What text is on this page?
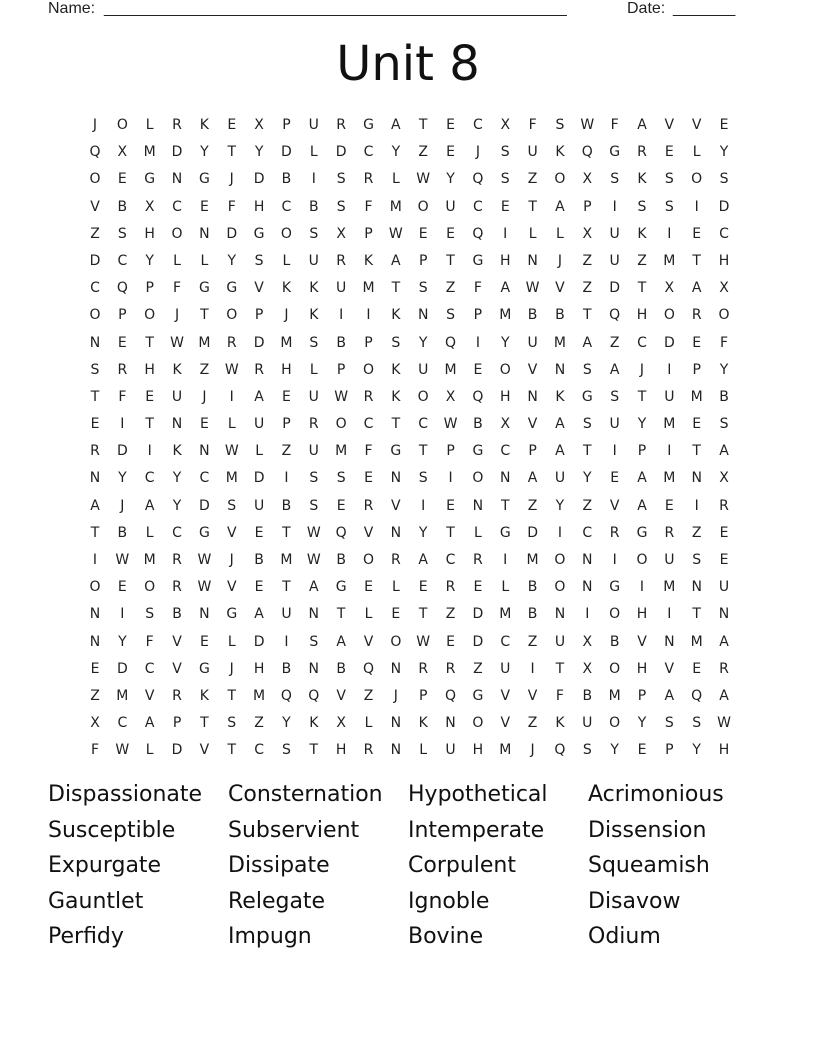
Name: ____________________________________________________	Date: _______
Unit 8
J	O	L	R	K	E	X	P	U	R	G	A	T	E	C	X	F	S	W	F	A	V	V	E
Q	X	M	D	Y	T	Y	D	L	D	C	Y	Z	E	J	S	U	K	Q	G	R	E	L	Y
O	E	G	N	G	J	D	B	I	S	R	L	W	Y	Q	S	Z	O	X	S	K	S	O	S
V	B	X	C	E	F	H	C	B	S	F	M	O	U	C	E	T	A	P	I	S	S	I	D
Z	S	H	O	N	D	G	O	S	X	P	W	E	E	Q	I	L	L	X	U	K	I	E	C
D	C	Y	L	L	Y	S	L	U	R	K	A	P	T	G	H	N	J	Z	U	Z	M	T	H
C	Q	P	F	G	G	V	K	K	U	M	T	S	Z	F	A	W	V	Z	D	T	X	A	X
O	P	O	J	T	O	P	J	K	I	I	K	N	S	P	M	B	B	T	Q	H	O	R	O
N	E	T	W	M	R	D	M	S	B	P	S	Y	Q	I	Y	U	M	A	Z	C	D	E	F
S	R	H	K	Z	W	R	H	L	P	O	K	U	M	E	O	V	N	S	A	J	I	P	Y
T	F	E	U	J	I	A	E	U	W	R	K	O	X	Q	H	N	K	G	S	T	U	M	B
E	I	T	N	E	L	U	P	R	O	C	T	C	W	B	X	V	A	S	U	Y	M	E	S
R	D	I	K	N	W	L	Z	U	M	F	G	T	P	G	C	P	A	T	I	P	I	T	A
N	Y	C	Y	C	M	D	I	S	S	E	N	S	I	O	N	A	U	Y	E	A	M	N	X
A	J	A	Y	D	S	U	B	S	E	R	V	I	E	N	T	Z	Y	Z	V	A	E	I	R
T	B	L	C	G	V	E	T	W	Q	V	N	Y	T	L	G	D	I	C	R	G	R	Z	E
I	W	M	R	W	J	B	M	W	B	O	R	A	C	R	I	M	O	N	I	O	U	S	E
O	E	O	R	W	V	E	T	A	G	E	L	E	R	E	L	B	O	N	G	I	M	N	U
N	I	S	B	N	G	A	U	N	T	L	E	T	Z	D	M	B	N	I	O	H	I	T	N
N	Y	F	V	E	L	D	I	S	A	V	O	W	E	D	C	Z	U	X	B	V	N	M	A
E	D	C	V	G	J	H	B	N	B	Q	N	R	R	Z	U	I	T	X	O	H	V	E	R
Z	M	V	R	K	T	M	Q	Q	V	Z	J	P	Q	G	V	V	F	B	M	P	A	Q	A
X	C	A	P	T	S	Z	Y	K	X	L	N	K	N	O	V	Z	K	U	O	Y	S	S	W
F	W	L	D	V	T	C	S	T	H	R	N	L	U	H	M	J	Q	S	Y	E	P	Y	H
Dispassionate	Consternation	Hypothetical	Acrimonious
Susceptible	Subservient	Intemperate	Dissension
Expurgate	Dissipate	Corpulent	Squeamish
Gauntlet	Relegate	Ignoble	Disavow
Perfidy	Impugn	Bovine	Odium
